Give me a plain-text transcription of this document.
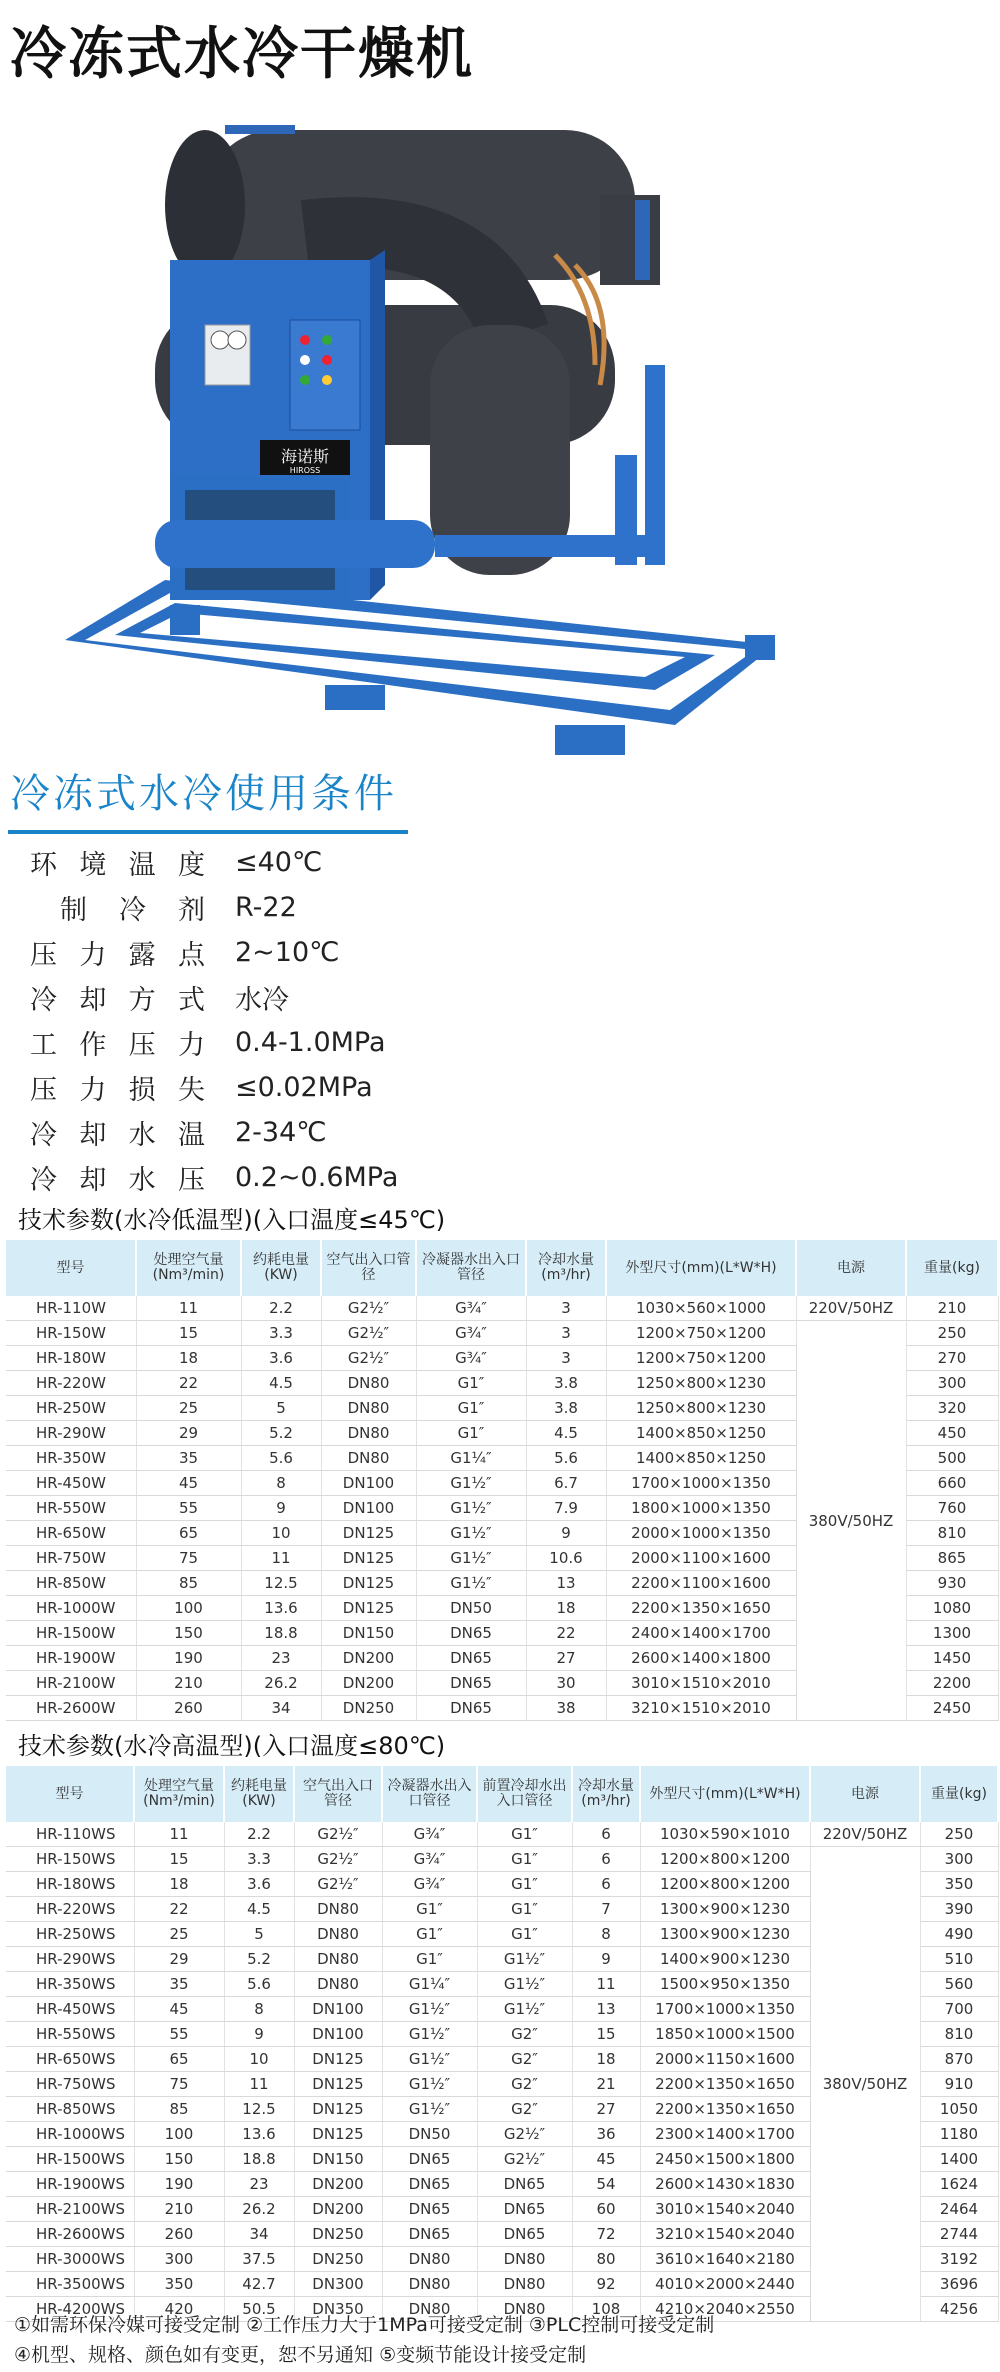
冷冻式水冷干燥机
海诺斯
HIROSS
冷冻式水冷使用条件
环境温度 ≤40℃
制冷剂 R-22
压力露点 2~10℃
冷却方式 水冷
工作压力 0.4-1.0MPa
压力损失 ≤0.02MPa
冷却水温 2-34℃
冷却水压 0.2~0.6MPa
技术参数(水冷低温型)(入口温度≤45℃)
型号	处理空气量(Nm³/min)	约耗电量(KW)	空气出入口管径	冷凝器水出入口管径	冷却水量(m³/hr)	外型尺寸(mm)(L*W*H)	电源	重量(kg)
HR-110W	11	2.2	G2½″	G¾″	3	1030×560×1000	220V/50HZ	210
HR-150W	15	3.3	G2½″	G¾″	3	1200×750×1200	380V/50HZ	250
HR-180W	18	3.6	G2½″	G¾″	3	1200×750×1200		270
HR-220W	22	4.5	DN80	G1″	3.8	1250×800×1230		300
HR-250W	25	5	DN80	G1″	3.8	1250×800×1230		320
HR-290W	29	5.2	DN80	G1″	4.5	1400×850×1250		450
HR-350W	35	5.6	DN80	G1¼″	5.6	1400×850×1250		500
HR-450W	45	8	DN100	G1½″	6.7	1700×1000×1350		660
HR-550W	55	9	DN100	G1½″	7.9	1800×1000×1350		760
HR-650W	65	10	DN125	G1½″	9	2000×1000×1350		810
HR-750W	75	11	DN125	G1½″	10.6	2000×1100×1600		865
HR-850W	85	12.5	DN125	G1½″	13	2200×1100×1600		930
HR-1000W	100	13.6	DN125	DN50	18	2200×1350×1650		1080
HR-1500W	150	18.8	DN150	DN65	22	2400×1400×1700		1300
HR-1900W	190	23	DN200	DN65	27	2600×1400×1800		1450
HR-2100W	210	26.2	DN200	DN65	30	3010×1510×2010		2200
HR-2600W	260	34	DN250	DN65	38	3210×1510×2010		2450
技术参数(水冷高温型)(入口温度≤80℃)
型号	处理空气量(Nm³/min)	约耗电量(KW)	空气出入口管径	冷凝器水出入口管径	前置冷却水出入口管径	冷却水量(m³/hr)	外型尺寸(mm)(L*W*H)	电源	重量(kg)
HR-110WS	11	2.2	G2½″	G¾″	G1″	6	1030×590×1010	220V/50HZ	250
HR-150WS	15	3.3	G2½″	G¾″	G1″	6	1200×800×1200	380V/50HZ	300
HR-180WS	18	3.6	G2½″	G¾″	G1″	6	1200×800×1200		350
HR-220WS	22	4.5	DN80	G1″	G1″	7	1300×900×1230		390
HR-250WS	25	5	DN80	G1″	G1″	8	1300×900×1230		490
HR-290WS	29	5.2	DN80	G1″	G1½″	9	1400×900×1230		510
HR-350WS	35	5.6	DN80	G1¼″	G1½″	11	1500×950×1350		560
HR-450WS	45	8	DN100	G1½″	G1½″	13	1700×1000×1350		700
HR-550WS	55	9	DN100	G1½″	G2″	15	1850×1000×1500		810
HR-650WS	65	10	DN125	G1½″	G2″	18	2000×1150×1600		870
HR-750WS	75	11	DN125	G1½″	G2″	21	2200×1350×1650		910
HR-850WS	85	12.5	DN125	G1½″	G2″	27	2200×1350×1650		1050
HR-1000WS	100	13.6	DN125	DN50	G2½″	36	2300×1400×1700		1180
HR-1500WS	150	18.8	DN150	DN65	G2½″	45	2450×1500×1800		1400
HR-1900WS	190	23	DN200	DN65	DN65	54	2600×1430×1830		1624
HR-2100WS	210	26.2	DN200	DN65	DN65	60	3010×1540×2040		2464
HR-2600WS	260	34	DN250	DN65	DN65	72	3210×1540×2040		2744
HR-3000WS	300	37.5	DN250	DN80	DN80	80	3610×1640×2180		3192
HR-3500WS	350	42.7	DN300	DN80	DN80	92	4010×2000×2440		3696
HR-4200WS	420	50.5	DN350	DN80	DN80	108	4210×2040×2550		4256
①如需环保冷媒可接受定制 ②工作压力大于1MPa可接受定制 ③PLC控制可接受定制
④机型、规格、颜色如有变更，恕不另通知 ⑤变频节能设计接受定制
